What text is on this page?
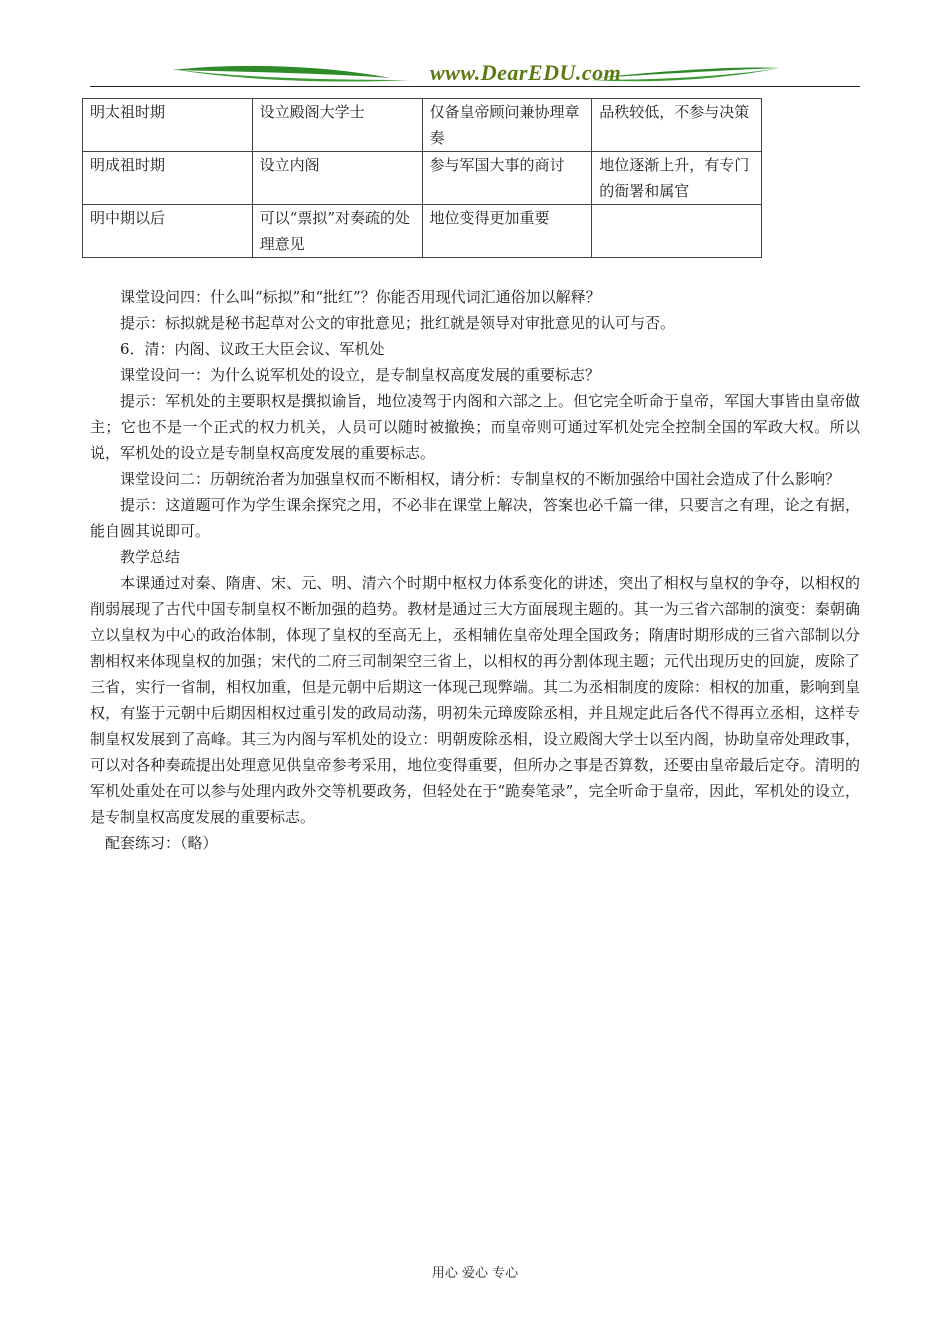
www.DearEDU.com
明太祖时期	设立殿阁大学士	仅备皇帝顾问兼协理章奏	品秩较低，不参与决策
明成祖时期	设立内阁	参与军国大事的商讨	地位逐渐上升，有专门的衙署和属官
明中期以后	可以“票拟”对奏疏的处理意见	地位变得更加重要	

课堂设问四：什么叫“标拟”和“批红”？你能否用现代词汇通俗加以解释？

提示：标拟就是秘书起草对公文的审批意见；批红就是领导对审批意见的认可与否。

6．清：内阁、议政王大臣会议、军机处

课堂设问一：为什么说军机处的设立，是专制皇权高度发展的重要标志？

提示：军机处的主要职权是撰拟谕旨，地位凌驾于内阁和六部之上。但它完全听命于皇帝，军国大事皆由皇帝做主；它也不是一个正式的权力机关，人员可以随时被撤换；而皇帝则可通过军机处完全控制全国的军政大权。所以说，军机处的设立是专制皇权高度发展的重要标志。

课堂设问二：历朝统治者为加强皇权而不断相权，请分析：专制皇权的不断加强给中国社会造成了什么影响？

提示：这道题可作为学生课余探究之用，不必非在课堂上解决，答案也必千篇一律，只要言之有理，论之有据，能自圆其说即可。

教学总结

本课通过对秦、隋唐、宋、元、明、清六个时期中枢权力体系变化的讲述，突出了相权与皇权的争夺，以相权的削弱展现了古代中国专制皇权不断加强的趋势。教材是通过三大方面展现主题的。其一为三省六部制的演变：秦朝确立以皇权为中心的政治体制，体现了皇权的至高无上，丞相辅佐皇帝处理全国政务；隋唐时期形成的三省六部制以分割相权来体现皇权的加强；宋代的二府三司制架空三省上，以相权的再分割体现主题；元代出现历史的回旋，废除了三省，实行一省制，相权加重，但是元朝中后期这一体现己现弊端。其二为丞相制度的废除：相权的加重，影响到皇权，有鉴于元朝中后期因相权过重引发的政局动荡，明初朱元璋废除丞相，并且规定此后各代不得再立丞相，这样专制皇权发展到了高峰。其三为内阁与军机处的设立：明朝废除丞相，设立殿阁大学士以至内阁，协助皇帝处理政事，可以对各种奏疏提出处理意见供皇帝参考采用，地位变得重要，但所办之事是否算数，还要由皇帝最后定夺。清明的军机处重处在可以参与处理内政外交等机要政务，但轻处在于“跪奏笔录”，完全听命于皇帝，因此，军机处的设立，是专制皇权高度发展的重要标志。

配套练习：（略）

用心 爱心 专心
